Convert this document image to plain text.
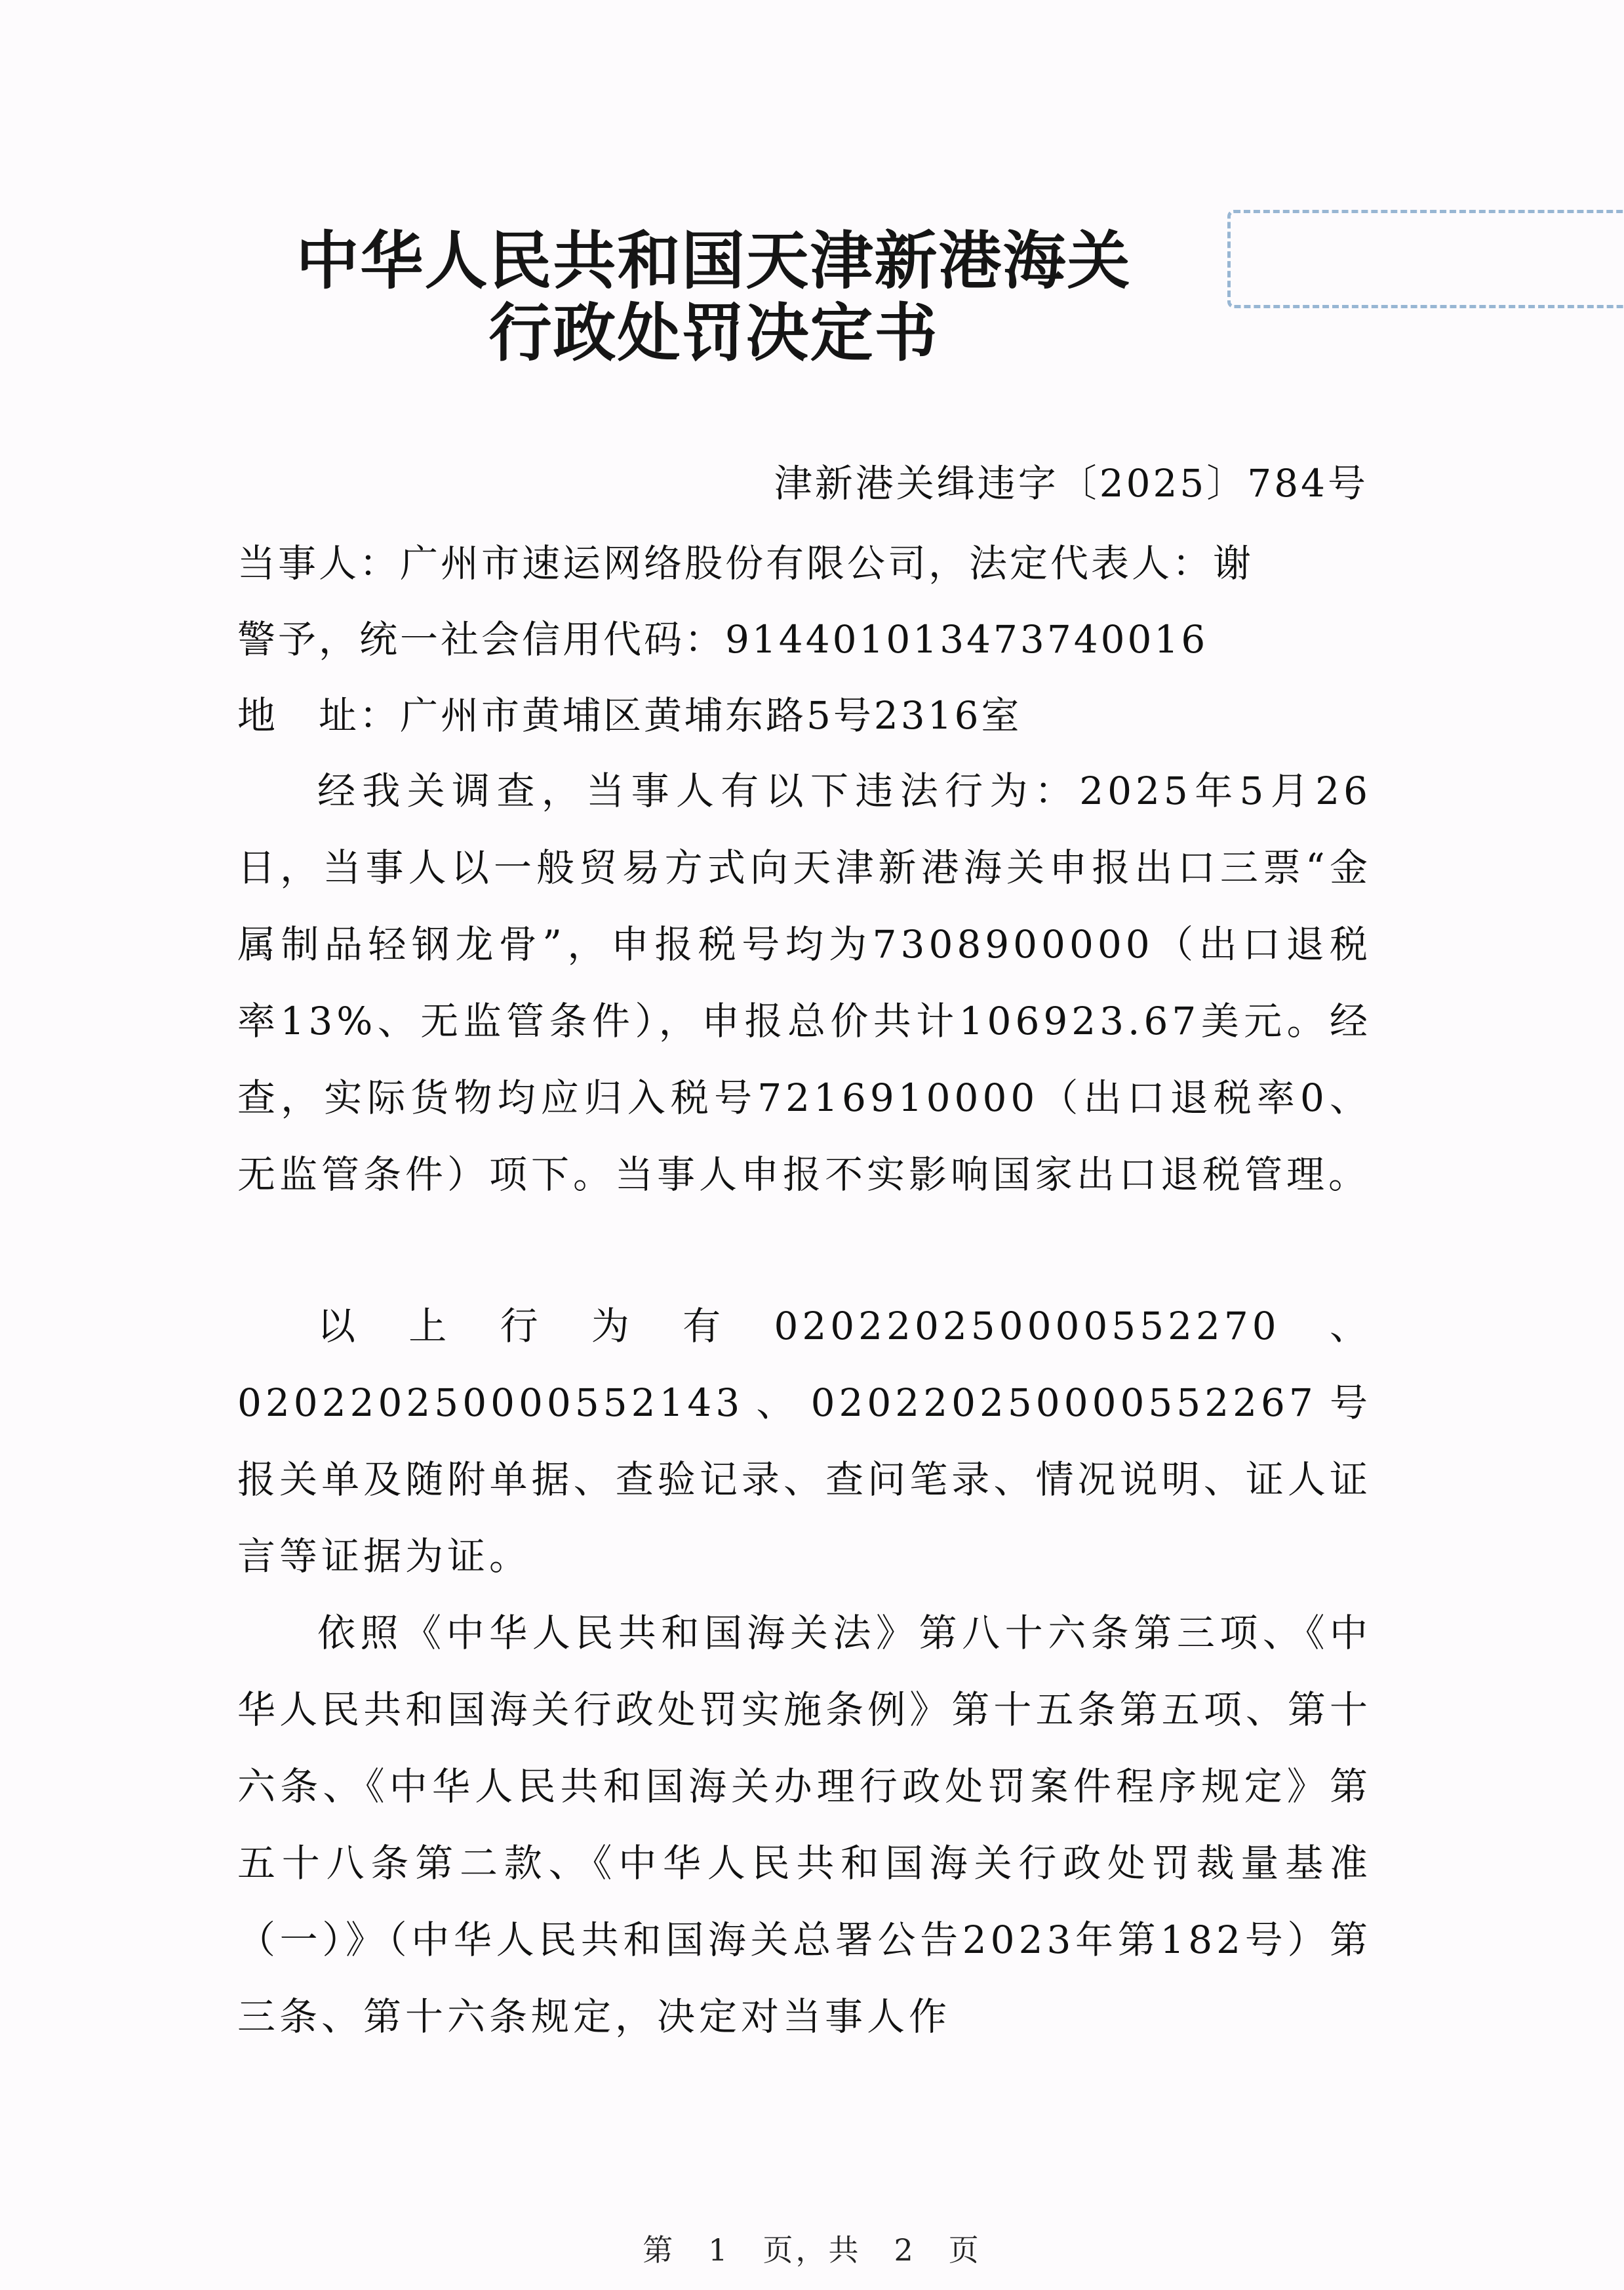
中华人民共和国天津新港海关
行政处罚决定书
津新港关缉违字〔2025〕784号
当事人：广州市速运网络股份有限公司，法定代表人：谢
警予，统一社会信用代码：914401013473740016
地　址：广州市黄埔区黄埔东路5号2316室

经我关调查，当事人有以下违法行为：2025年5月26日，当事人以一般贸易方式向天津新港海关申报出口三票“金属制品轻钢龙骨”，申报税号均为7308900000（出口退税率13%、无监管条件），申报总价共计106923.67美元。经查，实际货物均应归入税号7216910000（出口退税率0、无监管条件）项下。当事人申报不实影响国家出口退税管理。

以上行为有020220250000552270、020220250000552143、020220250000552267号报关单及随附单据、查验记录、查问笔录、情况说明、证人证言等证据为证。

依照《中华人民共和国海关法》第八十六条第三项、《中华人民共和国海关行政处罚实施条例》第十五条第五项、第十六条、《中华人民共和国海关办理行政处罚案件程序规定》第五十八条第二款、《中华人民共和国海关行政处罚裁量基准（一）》（中华人民共和国海关总署公告2023年第182号）第三条、第十六条规定，决定对当事人作

第　1　页，共　2　页
